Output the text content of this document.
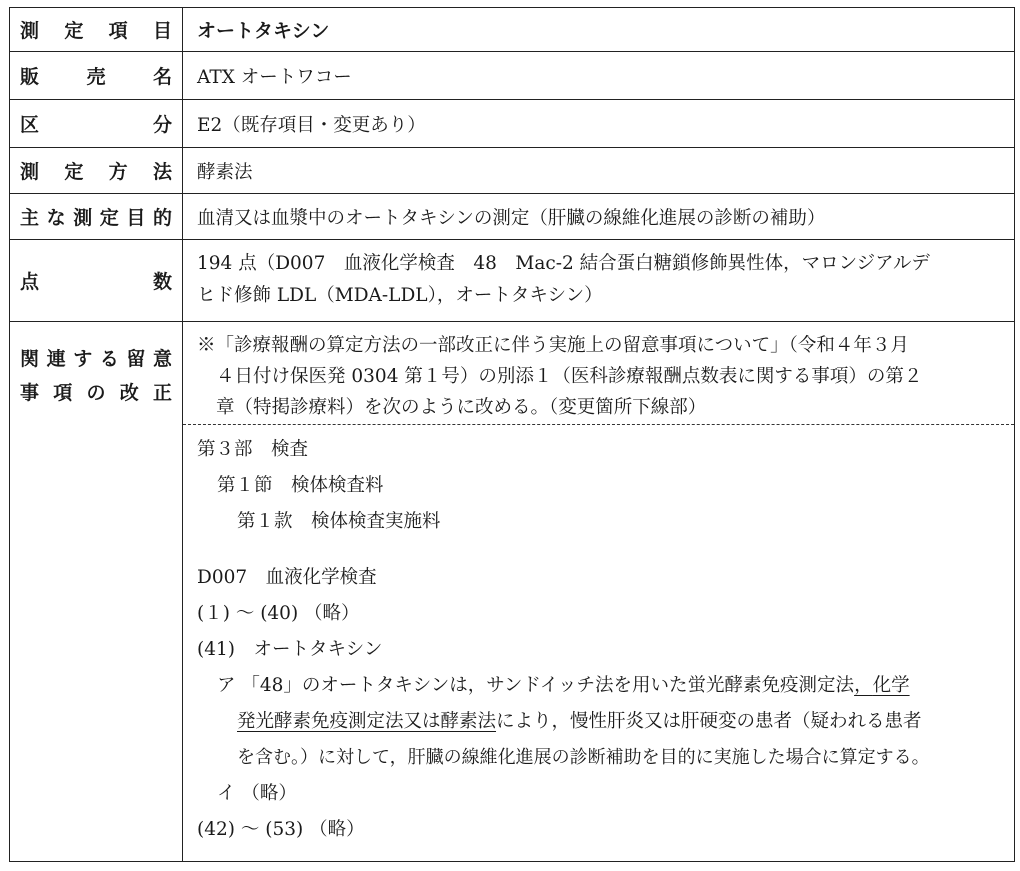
測 定 項 目 オートタキシン
販 売 名 ATX オートワコー
区	分 E2（既存項目・変更あり）
測 定 方 法 酵素法
主 な 測 定 目 的 血清又は血漿中のオートタキシンの測定（肝臓の線維化進展の診断の補助）
点	数
194 点（D007　血液化学検査　48　Mac-2 結合蛋白糖鎖修飾異性体，マロンジアルデ
ヒド修飾 LDL（MDA-LDL），オートタキシン）
関 連 す る 留 意
事 項 の 改 正
※「診療報酬の算定方法の一部改正に伴う実施上の留意事項について」（令和４年３月
４日付け保医発 0304 第１号）の別添１（医科診療報酬点数表に関する事項）の第２
章（特掲診療料）を次のように改める。（変更箇所下線部）
第３部　検査
第１節　検体検査料
第１款　検体検査実施料
D007　血液化学検査
(１) ～ (40) （略）
(41)　オートタキシン
ア 「48」のオートタキシンは，サンドイッチ法を用いた蛍光酵素免疫測定法，化学
発光酵素免疫測定法又は酵素法により，慢性肝炎又は肝硬変の患者（疑われる患者
を含む。）に対して，肝臓の線維化進展の診断補助を目的に実施した場合に算定する。
イ （略）
(42) ～ (53) （略）
